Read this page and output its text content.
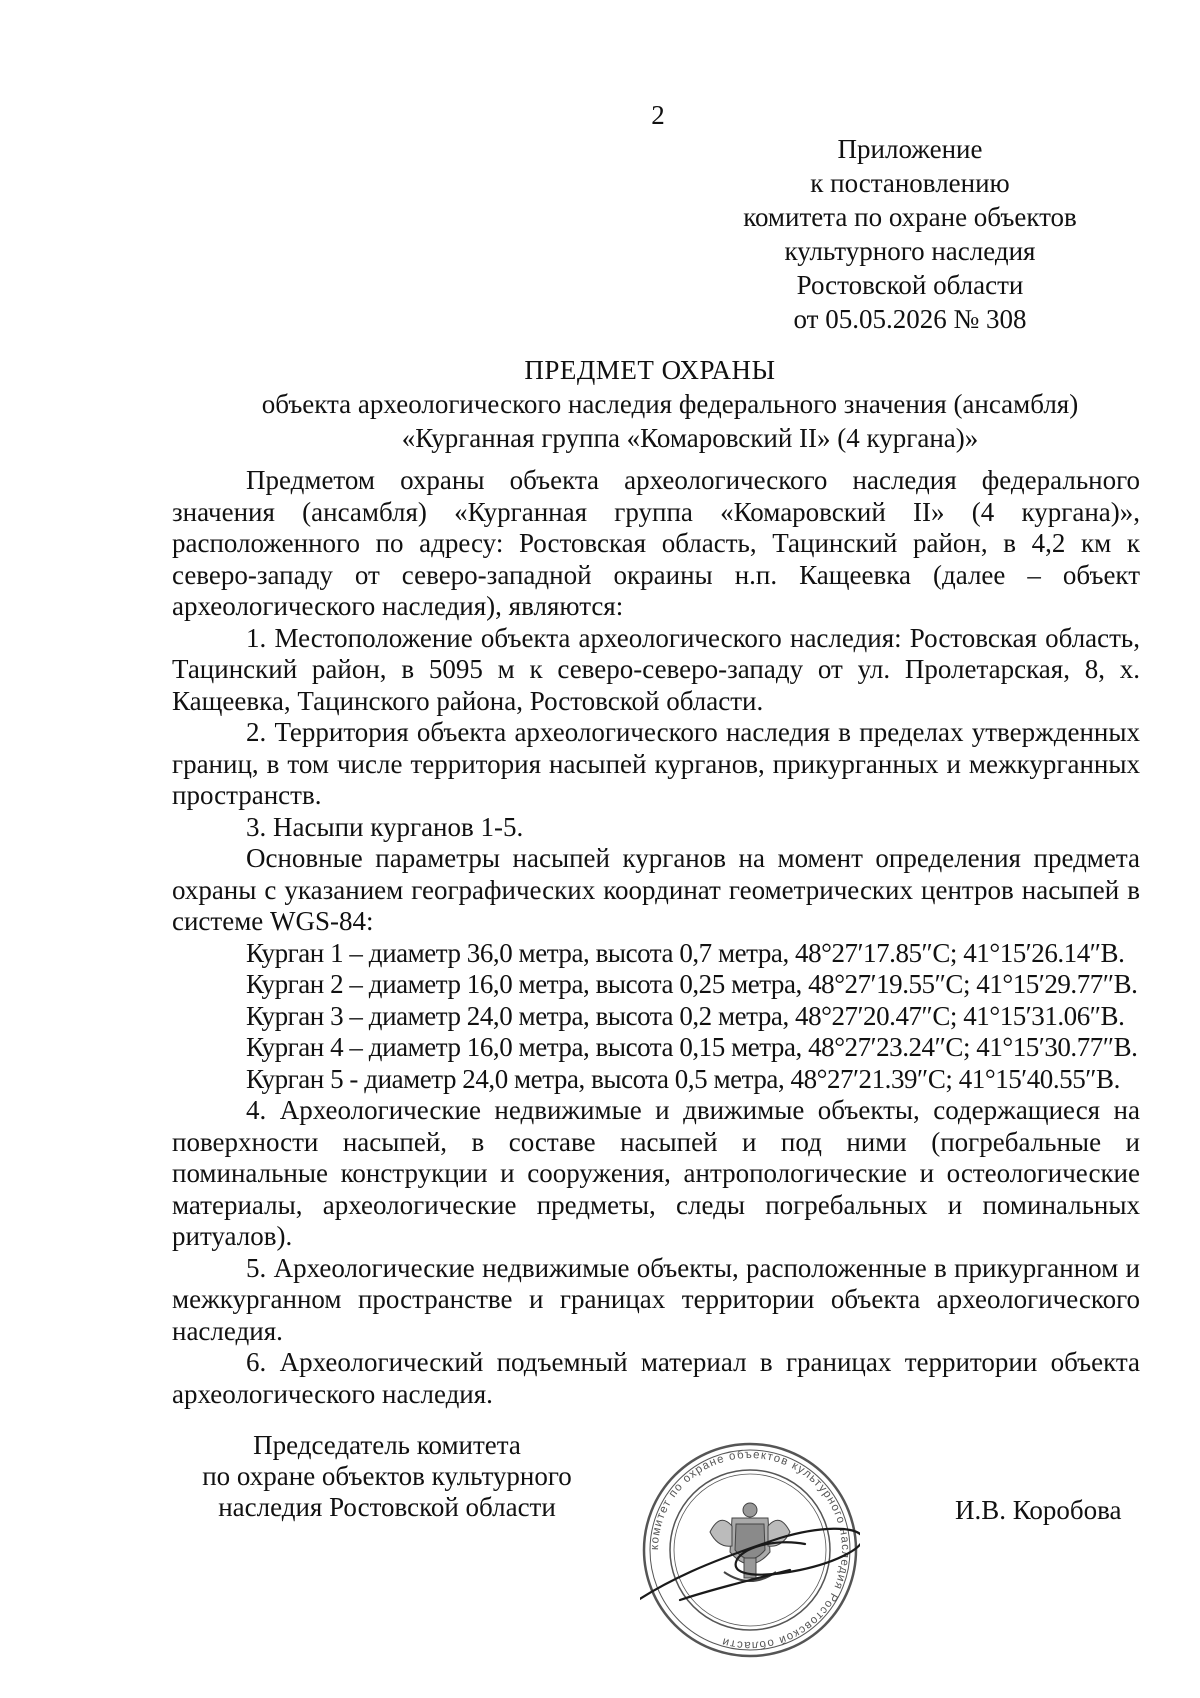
2
Приложение
к постановлению
комитета по охране объектов
культурного наследия
Ростовской области
от 05.05.2026 № 308
ПРЕДМЕТ ОХРАНЫ
объекта археологического наследия федерального значения (ансамбля)
«Курганная группа «Комаровский II» (4 кургана)»

Предметом охраны объекта археологического наследия федерального значения (ансамбля) «Курганная группа «Комаровский II» (4 кургана)», расположенного по адресу: Ростовская область, Тацинский район, в 4,2 км к северо-западу от северо-западной окраины н.п. Кащеевка (далее – объект археологического наследия), являются:

1. Местоположение объекта археологического наследия: Ростовская область, Тацинский район, в 5095 м к северо-северо-западу от ул. Пролетарская, 8, х. Кащеевка, Тацинского района, Ростовской области.

2. Территория объекта археологического наследия в пределах утвержденных границ, в том числе территория насыпей курганов, прикурганных и межкурганных пространств.

3. Насыпи курганов 1-5.

Основные параметры насыпей курганов на момент определения предмета охраны с указанием географических координат геометрических центров насыпей в системе WGS-84:

Курган 1 – диаметр 36,0 метра, высота 0,7 метра, 48°27′17.85″С; 41°15′26.14″В.

Курган 2 – диаметр 16,0 метра, высота 0,25 метра, 48°27′19.55″С; 41°15′29.77″В.

Курган 3 – диаметр 24,0 метра, высота 0,2 метра, 48°27′20.47″С; 41°15′31.06″В.

Курган 4 – диаметр 16,0 метра, высота 0,15 метра, 48°27′23.24″С; 41°15′30.77″В.

Курган 5 - диаметр 24,0 метра, высота 0,5 метра, 48°27′21.39″С; 41°15′40.55″В.

4. Археологические недвижимые и движимые объекты, содержащиеся на поверхности насыпей, в составе насыпей и под ними (погребальные и поминальные конструкции и сооружения, антропологические и остеологические материалы, археологические предметы, следы погребальных и поминальных ритуалов).

5. Археологические недвижимые объекты, расположенные в прикурганном и межкурганном пространстве и границах территории объекта археологического наследия.

6. Археологический подъемный материал в границах территории объекта археологического наследия.

Председатель комитета
по охране объектов культурного
наследия Ростовской области
комитет по охране объектов культурного наследия Ростовской области
И.В. Коробова
